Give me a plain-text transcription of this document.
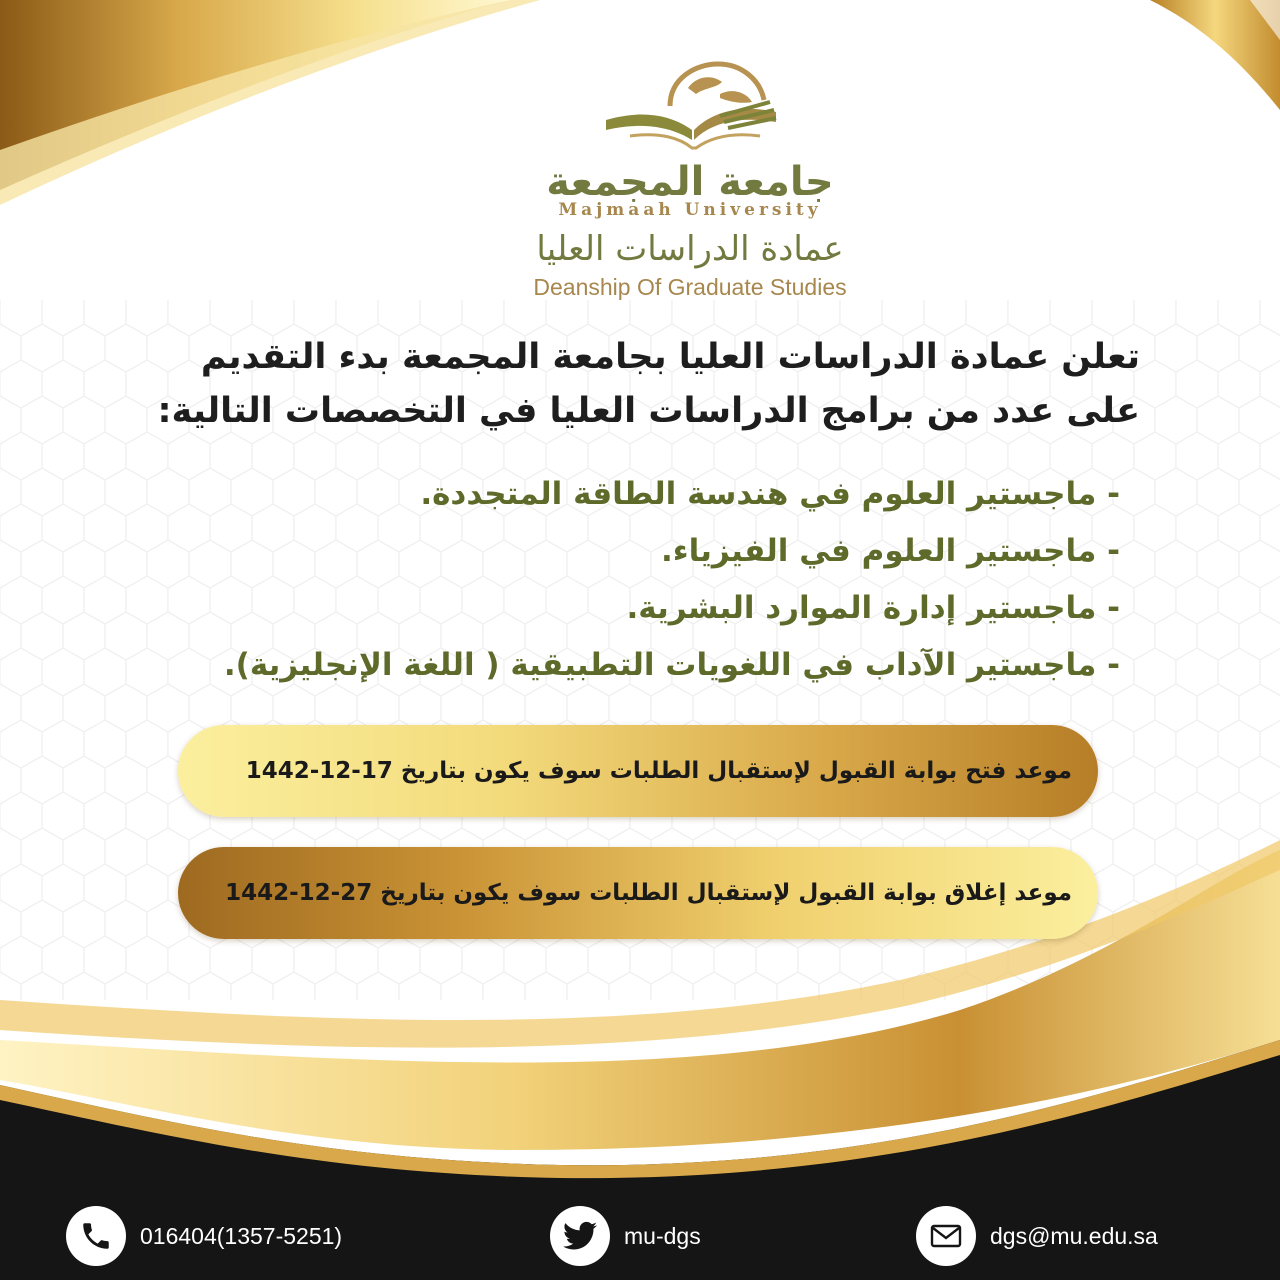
جامعة المجمعة
Majmaah University
عمادة الدراسات العليا
Deanship Of Graduate Studies
تعلن عمادة الدراسات العليا بجامعة المجمعة بدء التقديم
على عدد من برامج الدراسات العليا في التخصصات التالية:
- ماجستير العلوم في هندسة الطاقة المتجددة.
- ماجستير العلوم في الفيزياء.
- ماجستير إدارة الموارد البشرية.
- ماجستير الآداب في اللغويات التطبيقية ( اللغة الإنجليزية).
موعد فتح بوابة القبول لإستقبال الطلبات سوف يكون بتاريخ 17-12-1442
موعد إغلاق بوابة القبول لإستقبال الطلبات سوف يكون بتاريخ 27-12-1442
016404(1357-5251)	mu-dgs	dgs@mu.edu.sa
